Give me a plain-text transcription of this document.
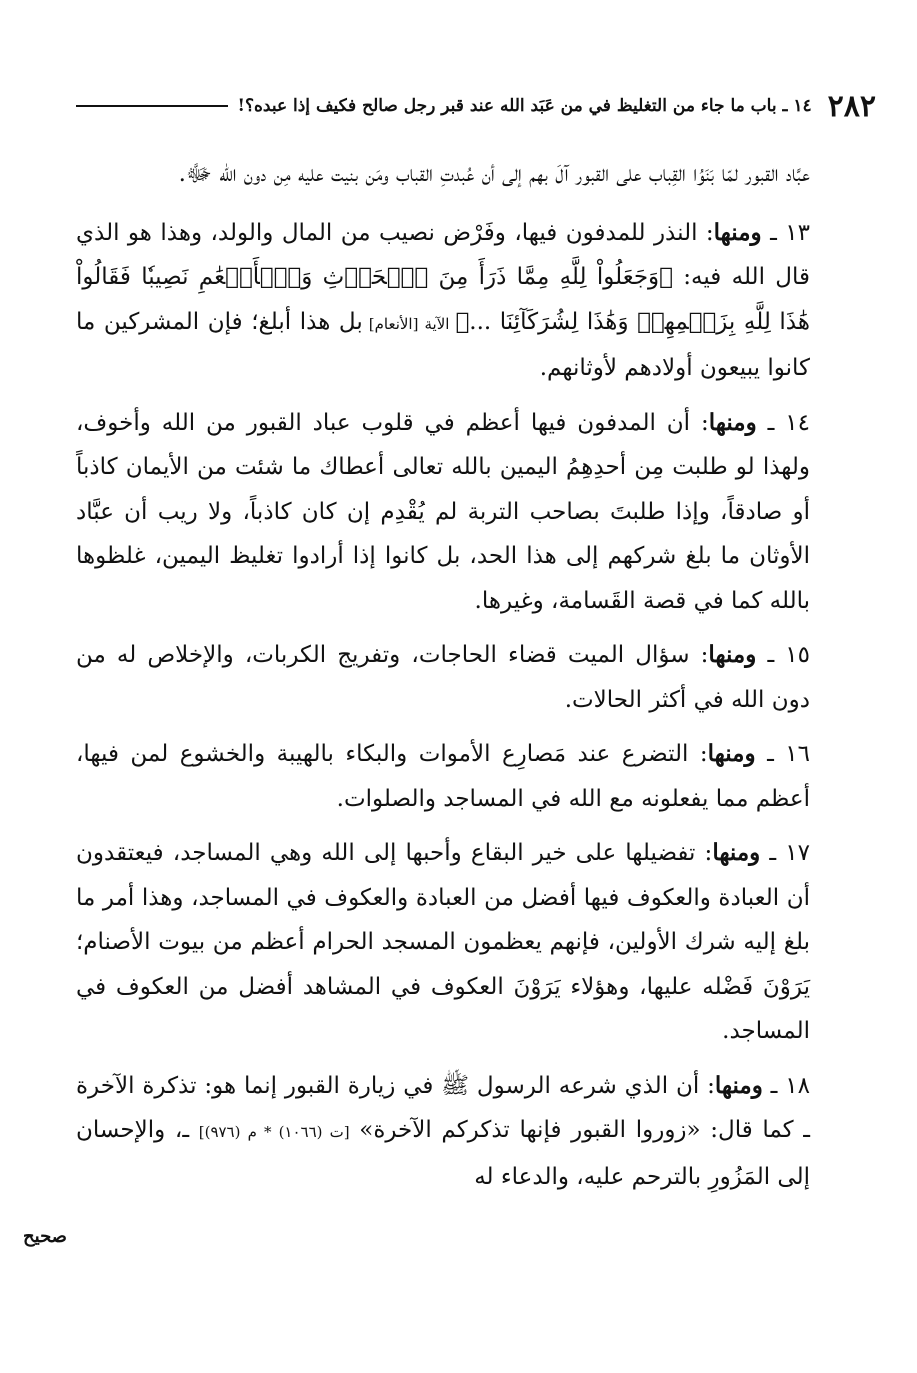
٢٨٢
١٤ ـ باب ما جاء من التغليظ في من عَبَد الله عند قبر رجل صالح فكيف إذا عبده؟!

عبَّاد القبور لمّا بَنَوُا القِباب على القبور آلَ بهم إلى أن عُبدتِ القباب ومَن بنيت عليه مِن دون الله ﷻ.

١٣ ـ ومنها: النذر للمدفون فيها، وفَرْض نصيب من المال والولد، وهذا هو الذي قال الله فيه: ﴿وَجَعَلُواْ لِلَّهِ مِمَّا ذَرَأَ مِنَ ٱلۡحَرۡثِ وَٱلۡأَنۡعَٰمِ نَصِيبٗا فَقَالُواْ هَٰذَا لِلَّهِ بِزَعۡمِهِمۡ وَهَٰذَا لِشُرَكَآئِنَا ...﴾ الآية [الأنعام] بل هذا أبلغ؛ فإن المشركين ما كانوا يبيعون أولادهم لأوثانهم.

١٤ ـ ومنها: أن المدفون فيها أعظم في قلوب عباد القبور من الله وأخوف، ولهذا لو طلبت مِن أحدِهِمُ اليمين بالله تعالى أعطاك ما شئت من الأيمان كاذباً أو صادقاً، وإذا طلبتَ بصاحب التربة لم يُقْدِم إن كان كاذباً، ولا ريب أن عبَّاد الأوثان ما بلغ شركهم إلى هذا الحد، بل كانوا إذا أرادوا تغليظ اليمين، غلظوها بالله كما في قصة القَسامة، وغيرها.

١٥ ـ ومنها: سؤال الميت قضاء الحاجات، وتفريج الكربات، والإخلاص له من دون الله في أكثر الحالات.

١٦ ـ ومنها: التضرع عند مَصارِع الأموات والبكاء بالهيبة والخشوع لمن فيها، أعظم مما يفعلونه مع الله في المساجد والصلوات.

١٧ ـ ومنها: تفضيلها على خير البقاع وأحبها إلى الله وهي المساجد، فيعتقدون أن العبادة والعكوف فيها أفضل من العبادة والعكوف في المساجد، وهذا أمر ما بلغ إليه شرك الأولين، فإنهم يعظمون المسجد الحرام أعظم من بيوت الأصنام؛ يَرَوْنَ فَضْله عليها، وهؤلاء يَرَوْنَ العكوف في المشاهد أفضل من العكوف في المساجد.

١٨ ـ ومنها: أن الذي شرعه الرسول ﷺ في زيارة القبور إنما هو: تذكرة الآخرة ـ كما قال: «زوروا القبور فإنها تذكركم الآخرة» [ت (١٠٦٦) * م (٩٧٦)] ـ، والإحسان إلى المَزُورِ بالترحم عليه، والدعاء له

صحيح
